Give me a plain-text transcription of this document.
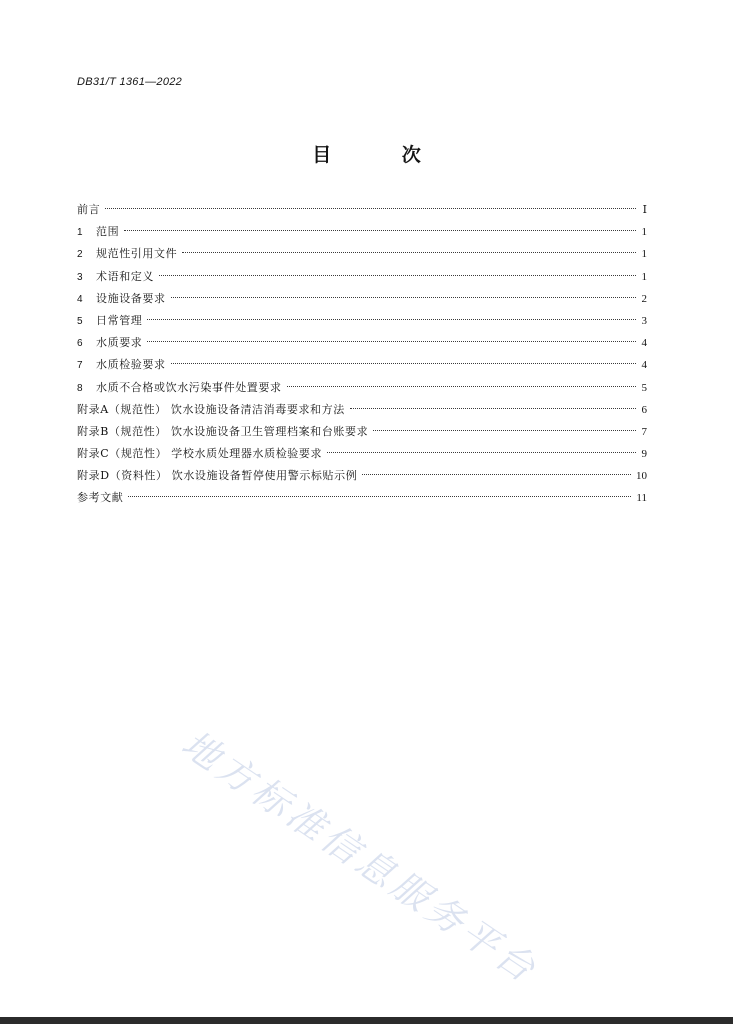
DB31/T 1361—2022
目 次
前言	Ⅰ
1	范围	1
2	规范性引用文件	1
3	术语和定义	1
4	设施设备要求	2
5	日常管理	3
6	水质要求	4
7	水质检验要求	4
8	水质不合格或饮水污染事件处置要求	5
附录A（规范性） 饮水设施设备清洁消毒要求和方法	6
附录B（规范性） 饮水设施设备卫生管理档案和台账要求	7
附录C（规范性） 学校水质处理器水质检验要求	9
附录D（资料性） 饮水设施设备暂停使用警示标贴示例	10
参考文献	11
地方标准信息服务平台
